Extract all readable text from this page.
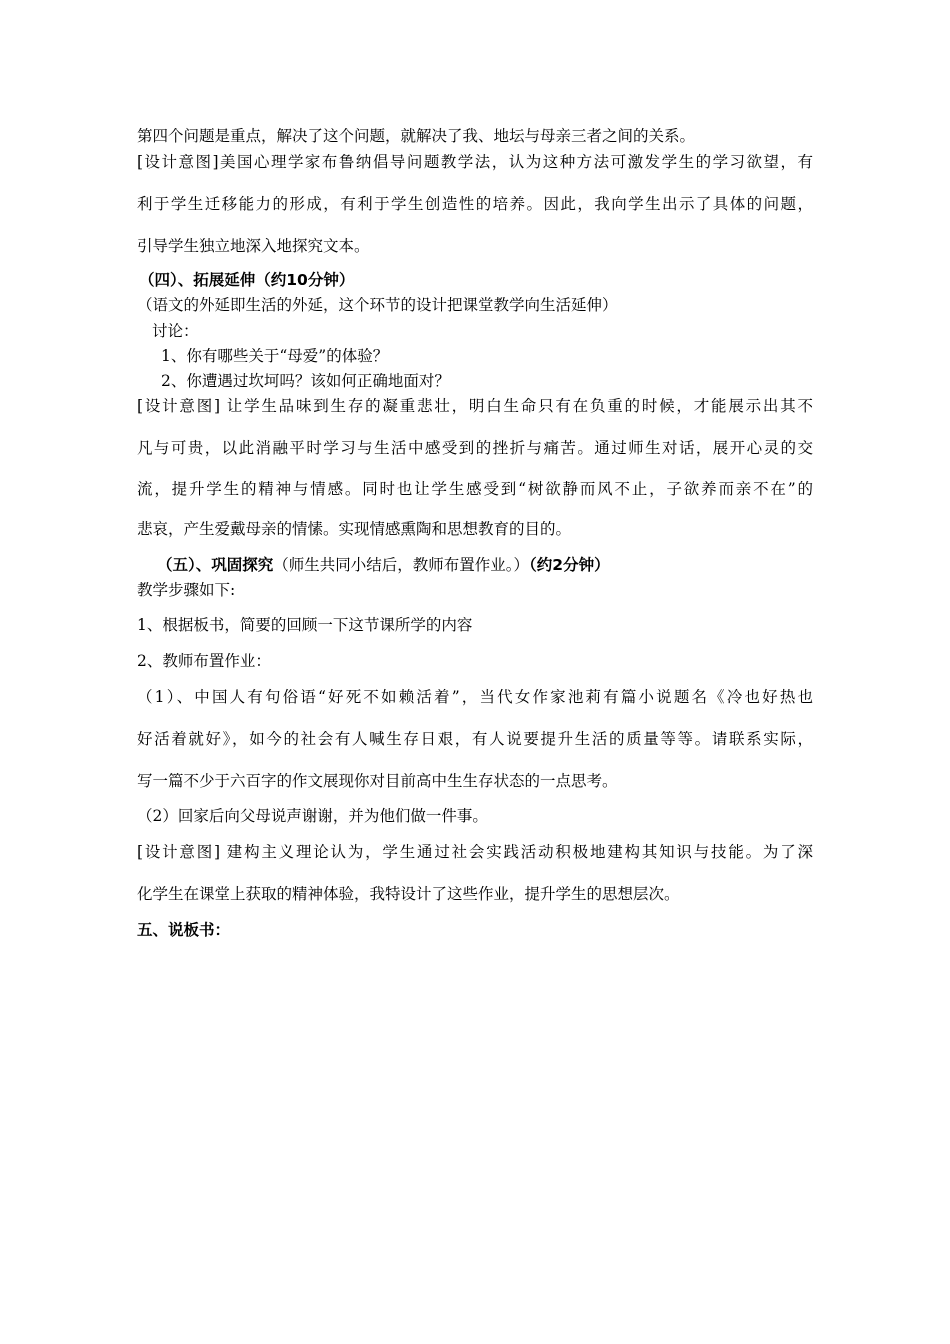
第四个问题是重点，解决了这个问题，就解决了我、地坛与母亲三者之间的关系。
[设计意图]美国心理学家布鲁纳倡导问题教学法，认为这种方法可激发学生的学习欲望，有
利于学生迁移能力的形成，有利于学生创造性的培养。因此，我向学生出示了具体的问题，
引导学生独立地深入地探究文本。
（四）、拓展延伸（约10分钟）
（语文的外延即生活的外延，这个环节的设计把课堂教学向生活延伸）
讨论：
1、你有哪些关于“母爱”的体验？
2、你遭遇过坎坷吗？该如何正确地面对？
[设计意图] 让学生品味到生存的凝重悲壮，明白生命只有在负重的时候，才能展示出其不
凡与可贵，以此消融平时学习与生活中感受到的挫折与痛苦。通过师生对话，展开心灵的交
流，提升学生的精神与情感。同时也让学生感受到“树欲静而风不止，子欲养而亲不在”的
悲哀，产生爱戴母亲的情愫。实现情感熏陶和思想教育的目的。
（五）、巩固探究（师生共同小结后，教师布置作业。）（约2分钟）
教学步骤如下:
1、根据板书，简要的回顾一下这节课所学的内容
2、教师布置作业：
（1）、中国人有句俗语“好死不如赖活着”，当代女作家池莉有篇小说题名《冷也好热也
好活着就好》，如今的社会有人喊生存日艰，有人说要提升生活的质量等等。请联系实际，
写一篇不少于六百字的作文展现你对目前高中生生存状态的一点思考。
（2）回家后向父母说声谢谢，并为他们做一件事。
[设计意图] 建构主义理论认为，学生通过社会实践活动积极地建构其知识与技能。为了深
化学生在课堂上获取的精神体验，我特设计了这些作业，提升学生的思想层次。
五、说板书：
